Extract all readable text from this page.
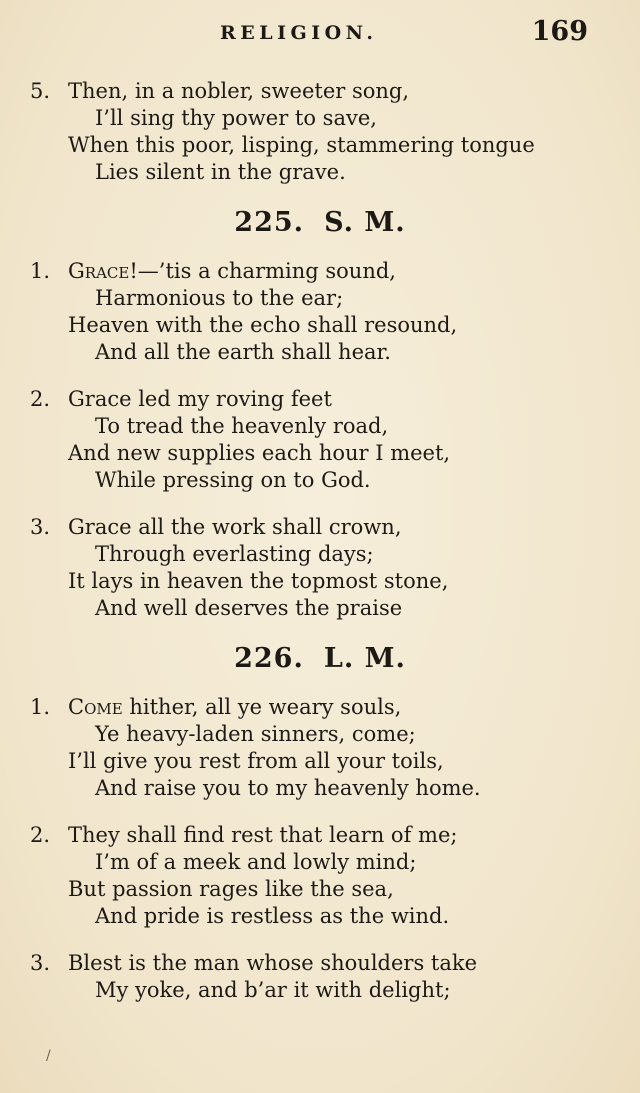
RELIGION.	169
5. Then, in a nobler, sweeter song,
I’ll sing thy power to save,
When this poor, lisping, stammering tongue
Lies silent in the grave.
225. S. M.
1. Grace!—’tis a charming sound,
Harmonious to the ear;
Heaven with the echo shall resound,
And all the earth shall hear.
2. Grace led my roving feet
To tread the heavenly road,
And new supplies each hour I meet,
While pressing on to God.
3. Grace all the work shall crown,
Through everlasting days;
It lays in heaven the topmost stone,
And well deserves the praise
226. L. M.
1. Come hither, all ye weary souls,
Ye heavy-laden sinners, come;
I’ll give you rest from all your toils,
And raise you to my heavenly home.
2. They shall find rest that learn of me;
I’m of a meek and lowly mind;
But passion rages like the sea,
And pride is restless as the wind.
3. Blest is the man whose shoulders take
My yoke, and b’ar it with delight;
/
